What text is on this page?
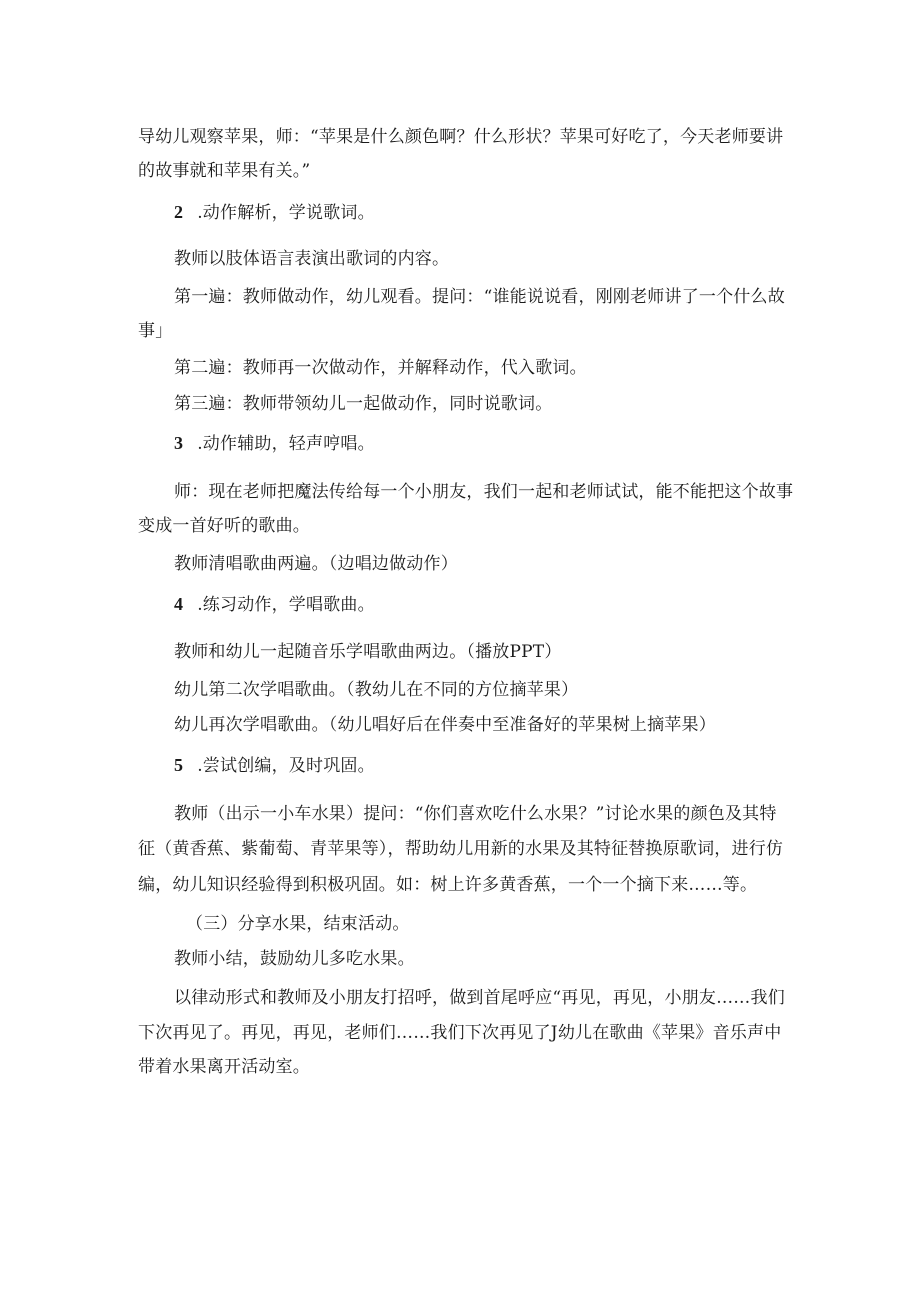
导幼儿观察苹果，师：“苹果是什么颜色啊？什么形状？苹果可好吃了，今天老师要讲
的故事就和苹果有关。”
2 .动作解析，学说歌词。
教师以肢体语言表演出歌词的内容。
第一遍：教师做动作，幼儿观看。提问：“谁能说说看，刚刚老师讲了一个什么故
事」
第二遍：教师再一次做动作，并解释动作，代入歌词。
第三遍：教师带领幼儿一起做动作，同时说歌词。
3 .动作辅助，轻声哼唱。
师：现在老师把魔法传给每一个小朋友，我们一起和老师试试，能不能把这个故事
变成一首好听的歌曲。
教师清唱歌曲两遍。（边唱边做动作）
4 .练习动作，学唱歌曲。
教师和幼儿一起随音乐学唱歌曲两边。（播放PPT）
幼儿第二次学唱歌曲。（教幼儿在不同的方位摘苹果）
幼儿再次学唱歌曲。（幼儿唱好后在伴奏中至准备好的苹果树上摘苹果）
5 .尝试创编，及时巩固。
教师（出示一小车水果）提问：“你们喜欢吃什么水果？”讨论水果的颜色及其特
征（黄香蕉、紫葡萄、青苹果等），帮助幼儿用新的水果及其特征替换原歌词，进行仿
编，幼儿知识经验得到积极巩固。如：树上许多黄香蕉，一个一个摘下来……等。
（三）分享水果，结束活动。
教师小结，鼓励幼儿多吃水果。
以律动形式和教师及小朋友打招呼，做到首尾呼应“再见，再见，小朋友……我们
下次再见了。再见，再见，老师们……我们下次再见了J幼儿在歌曲《苹果》音乐声中
带着水果离开活动室。
